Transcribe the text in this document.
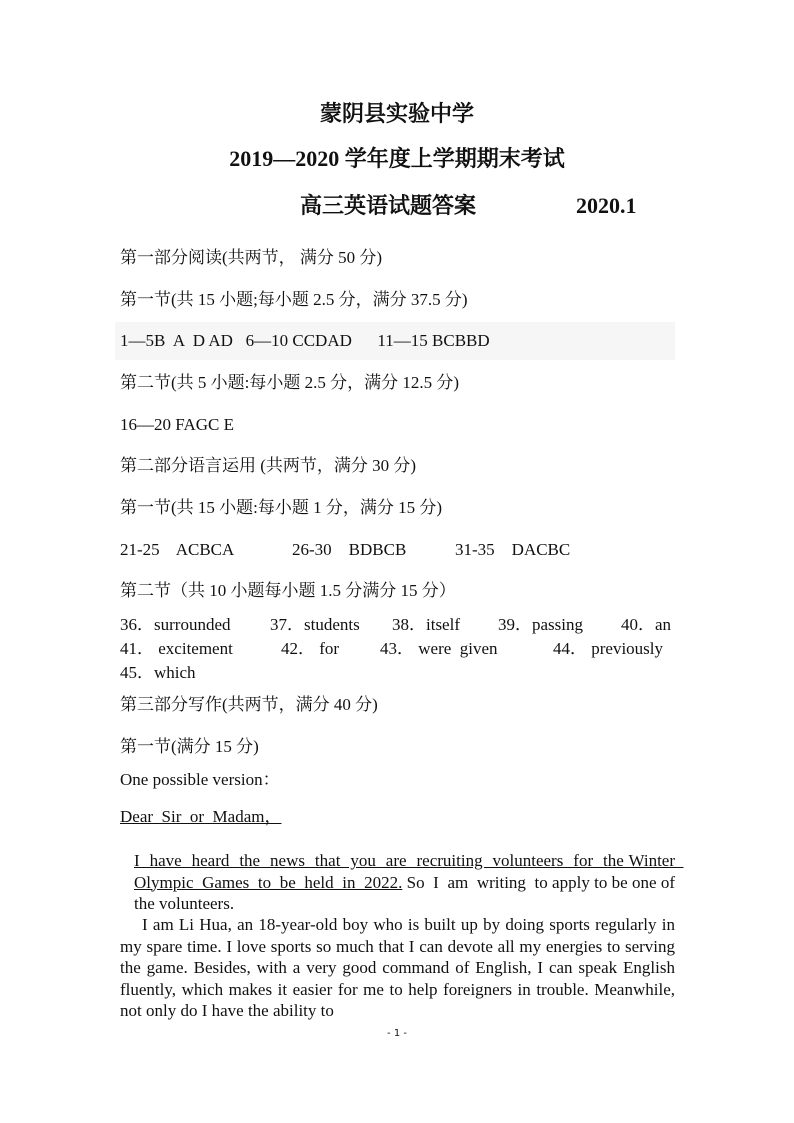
蒙阴县实验中学
2019—2020 学年度上学期期末考试
高三英语试题答案	2020.1
第一部分阅读(共两节， 满分 50 分)
第一节(共 15 小题;每小题 2.5 分，满分 37.5 分)
1—5B  A  D AD   6—10 CCDAD      11—15 BCBBD
第二节(共 5 小题:每小题 2.5 分，满分 12.5 分)
16—20 FAGC E
第二部分语言运用 (共两节，满分 30 分)
第一节(共 15 小题:每小题 1 分，满分 15 分)
21-25    ACBCA	26-30    BDBCB	31-35    DACBC
第二节（共 10 小题每小题 1.5 分满分 15 分）
36．surrounded 37．students 38．itself 39．passing 40．an
41． excitement	42． for 43． were  given	44． previously
45．which
第三部分写作(共两节，满分 40 分)
第一节(满分 15 分)
One possible version：
Dear  Sir  or  Madam，
I  have  heard  the  news  that  you  are  recruiting  volunteers  for  the Winter  Olympic  Games  to  be  held  in  2022. So  I  am  writing  to apply to be one of the volunteers.
I am Li Hua, an 18-year-old boy who is built up by doing sports regularly in my spare time. I love sports so much that I can devote all my energies to serving the game. Besides, with a very good command of English, I can speak English fluently, which makes it easier for me to help foreigners in trouble. Meanwhile, not only do I have the ability to
- 1 -
